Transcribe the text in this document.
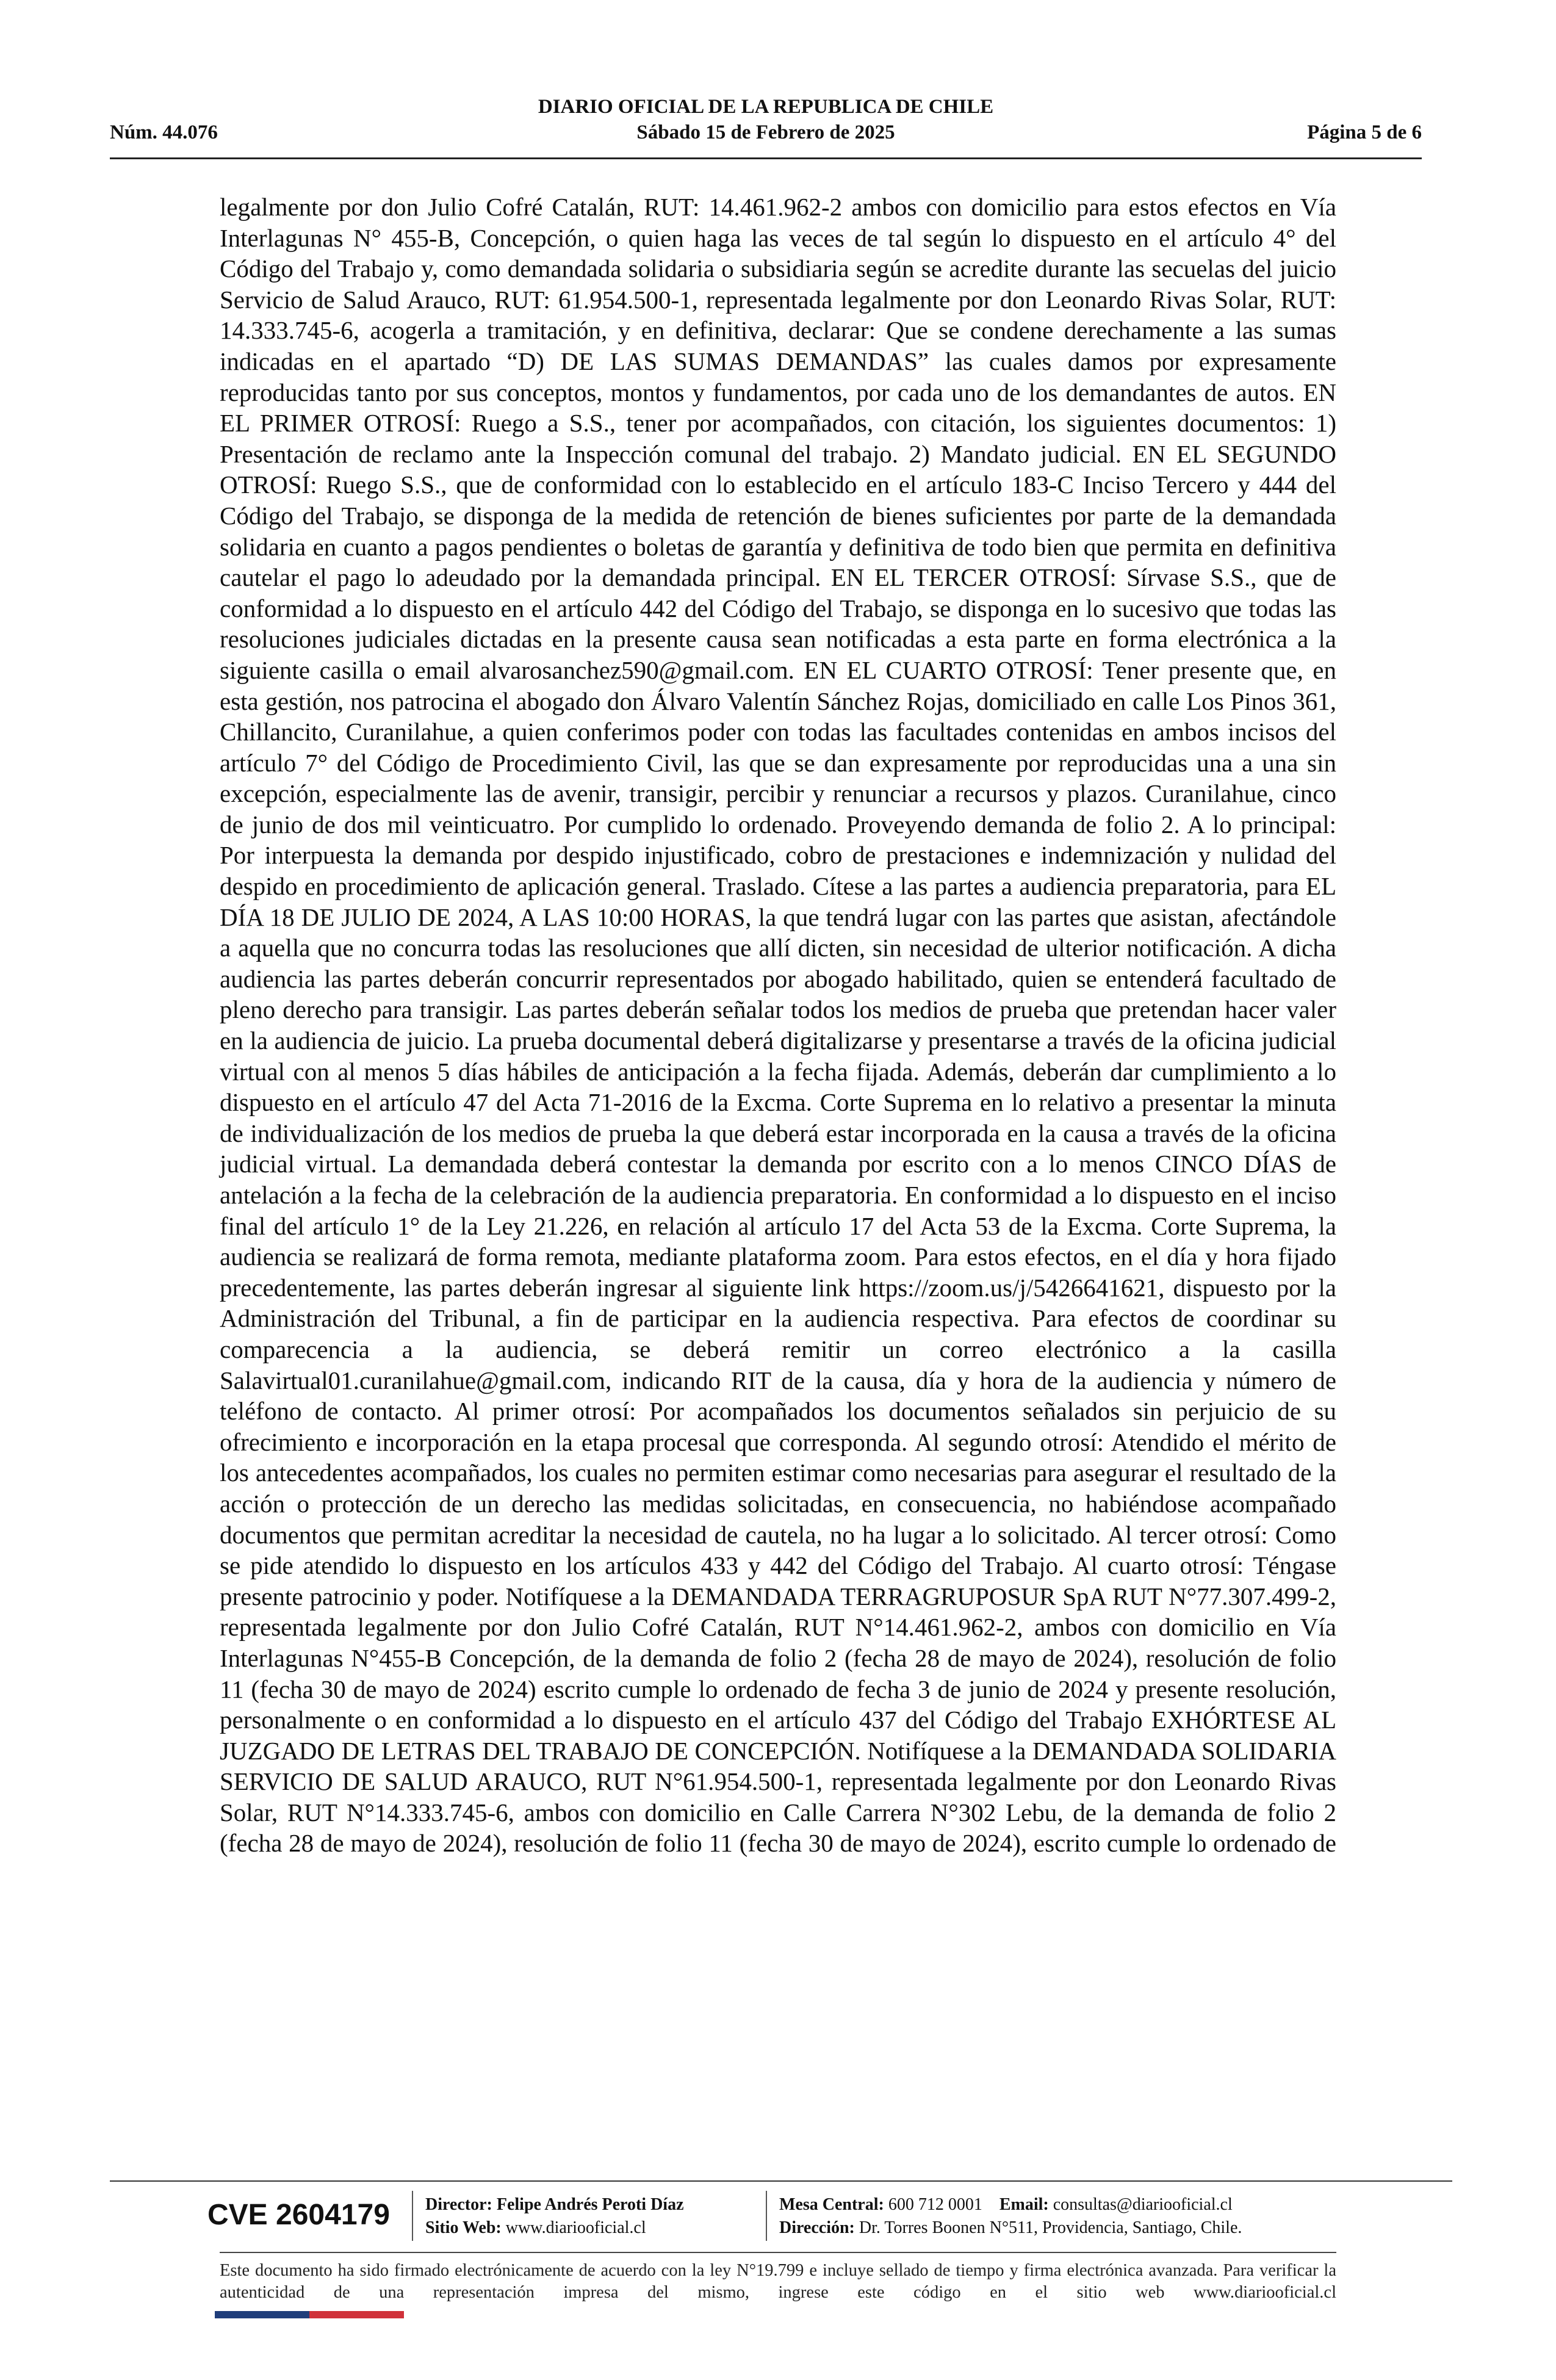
DIARIO OFICIAL DE LA REPUBLICA DE CHILE
Núm. 44.076	Sábado 15 de Febrero de 2025	Página 5 de 6

legalmente por don Julio Cofré Catalán, RUT: 14.461.962-2 ambos con domicilio para estos efectos en Vía Interlagunas N° 455-B, Concepción, o quien haga las veces de tal según lo dispuesto en el artículo 4° del Código del Trabajo y, como demandada solidaria o subsidiaria según se acredite durante las secuelas del juicio Servicio de Salud Arauco, RUT: 61.954.500-1, representada legalmente por don Leonardo Rivas Solar, RUT: 14.333.745-6, acogerla a tramitación, y en definitiva, declarar: Que se condene derechamente a las sumas indicadas en el apartado “D) DE LAS SUMAS DEMANDAS” las cuales damos por expresamente reproducidas tanto por sus conceptos, montos y fundamentos, por cada uno de los demandantes de autos. EN EL PRIMER OTROSÍ: Ruego a S.S., tener por acompañados, con citación, los siguientes documentos: 1) Presentación de reclamo ante la Inspección comunal del trabajo. 2) Mandato judicial. EN EL SEGUNDO OTROSÍ: Ruego S.S., que de conformidad con lo establecido en el artículo 183-C Inciso Tercero y 444 del Código del Trabajo, se disponga de la medida de retención de bienes suficientes por parte de la demandada solidaria en cuanto a pagos pendientes o boletas de garantía y definitiva de todo bien que permita en definitiva cautelar el pago lo adeudado por la demandada principal. EN EL TERCER OTROSÍ: Sírvase S.S., que de conformidad a lo dispuesto en el artículo 442 del Código del Trabajo, se disponga en lo sucesivo que todas las resoluciones judiciales dictadas en la presente causa sean notificadas a esta parte en forma electrónica a la siguiente casilla o email alvarosanchez590@gmail.com. EN EL CUARTO OTROSÍ: Tener presente que, en esta gestión, nos patrocina el abogado don Álvaro Valentín Sánchez Rojas, domiciliado en calle Los Pinos 361, Chillancito, Curanilahue, a quien conferimos poder con todas las facultades contenidas en ambos incisos del artículo 7° del Código de Procedimiento Civil, las que se dan expresamente por reproducidas una a una sin excepción, especialmente las de avenir, transigir, percibir y renunciar a recursos y plazos. Curanilahue, cinco de junio de dos mil veinticuatro. Por cumplido lo ordenado. Proveyendo demanda de folio 2. A lo principal: Por interpuesta la demanda por despido injustificado, cobro de prestaciones e indemnización y nulidad del despido en procedimiento de aplicación general. Traslado. Cítese a las partes a audiencia preparatoria, para EL DÍA 18 DE JULIO DE 2024, A LAS 10:00 HORAS, la que tendrá lugar con las partes que asistan, afectándole a aquella que no concurra todas las resoluciones que allí dicten, sin necesidad de ulterior notificación. A dicha audiencia las partes deberán concurrir representados por abogado habilitado, quien se entenderá facultado de pleno derecho para transigir. Las partes deberán señalar todos los medios de prueba que pretendan hacer valer en la audiencia de juicio. La prueba documental deberá digitalizarse y presentarse a través de la oficina judicial virtual con al menos 5 días hábiles de anticipación a la fecha fijada. Además, deberán dar cumplimiento a lo dispuesto en el artículo 47 del Acta 71-2016 de la Excma. Corte Suprema en lo relativo a presentar la minuta de individualización de los medios de prueba la que deberá estar incorporada en la causa a través de la oficina judicial virtual. La demandada deberá contestar la demanda por escrito con a lo menos CINCO DÍAS de antelación a la fecha de la celebración de la audiencia preparatoria. En conformidad a lo dispuesto en el inciso final del artículo 1° de la Ley 21.226, en relación al artículo 17 del Acta 53 de la Excma. Corte Suprema, la audiencia se realizará de forma remota, mediante plataforma zoom. Para estos efectos, en el día y hora fijado precedentemente, las partes deberán ingresar al siguiente link https://zoom.us/j/5426641621, dispuesto por la Administración del Tribunal, a fin de participar en la audiencia respectiva. Para efectos de coordinar su comparecencia a la audiencia, se deberá remitir un correo electrónico a la casilla Salavirtual01.curanilahue@gmail.com, indicando RIT de la causa, día y hora de la audiencia y número de teléfono de contacto. Al primer otrosí: Por acompañados los documentos señalados sin perjuicio de su ofrecimiento e incorporación en la etapa procesal que corresponda. Al segundo otrosí: Atendido el mérito de los antecedentes acompañados, los cuales no permiten estimar como necesarias para asegurar el resultado de la acción o protección de un derecho las medidas solicitadas, en consecuencia, no habiéndose acompañado documentos que permitan acreditar la necesidad de cautela, no ha lugar a lo solicitado. Al tercer otrosí: Como se pide atendido lo dispuesto en los artículos 433 y 442 del Código del Trabajo. Al cuarto otrosí: Téngase presente patrocinio y poder. Notifíquese a la DEMANDADA TERRAGRUPOSUR SpA RUT N°77.307.499-2, representada legalmente por don Julio Cofré Catalán, RUT N°14.461.962-2, ambos con domicilio en Vía Interlagunas N°455-B Concepción, de la demanda de folio 2 (fecha 28 de mayo de 2024), resolución de folio 11 (fecha 30 de mayo de 2024) escrito cumple lo ordenado de fecha 3 de junio de 2024 y presente resolución, personalmente o en conformidad a lo dispuesto en el artículo 437 del Código del Trabajo EXHÓRTESE AL JUZGADO DE LETRAS DEL TRABAJO DE CONCEPCIÓN. Notifíquese a la DEMANDADA SOLIDARIA SERVICIO DE SALUD ARAUCO, RUT N°61.954.500-1, representada legalmente por don Leonardo Rivas Solar, RUT N°14.333.745-6, ambos con domicilio en Calle Carrera N°302 Lebu, de la demanda de folio 2 (fecha 28 de mayo de 2024), resolución de folio 11 (fecha 30 de mayo de 2024), escrito cumple lo ordenado de

CVE 2604179 Director: Felipe Andrés Peroti Díaz
Sitio Web: www.diariooficial.cl
Mesa Central: 600 712 0001 Email: consultas@diariooficial.cl
Dirección: Dr. Torres Boonen N°511, Providencia, Santiago, Chile.
Este documento ha sido firmado electrónicamente de acuerdo con la ley N°19.799 e incluye sellado de tiempo y firma electrónica avanzada. Para verificar la autenticidad de una representación impresa del mismo, ingrese este código en el sitio web www.diariooficial.cl
